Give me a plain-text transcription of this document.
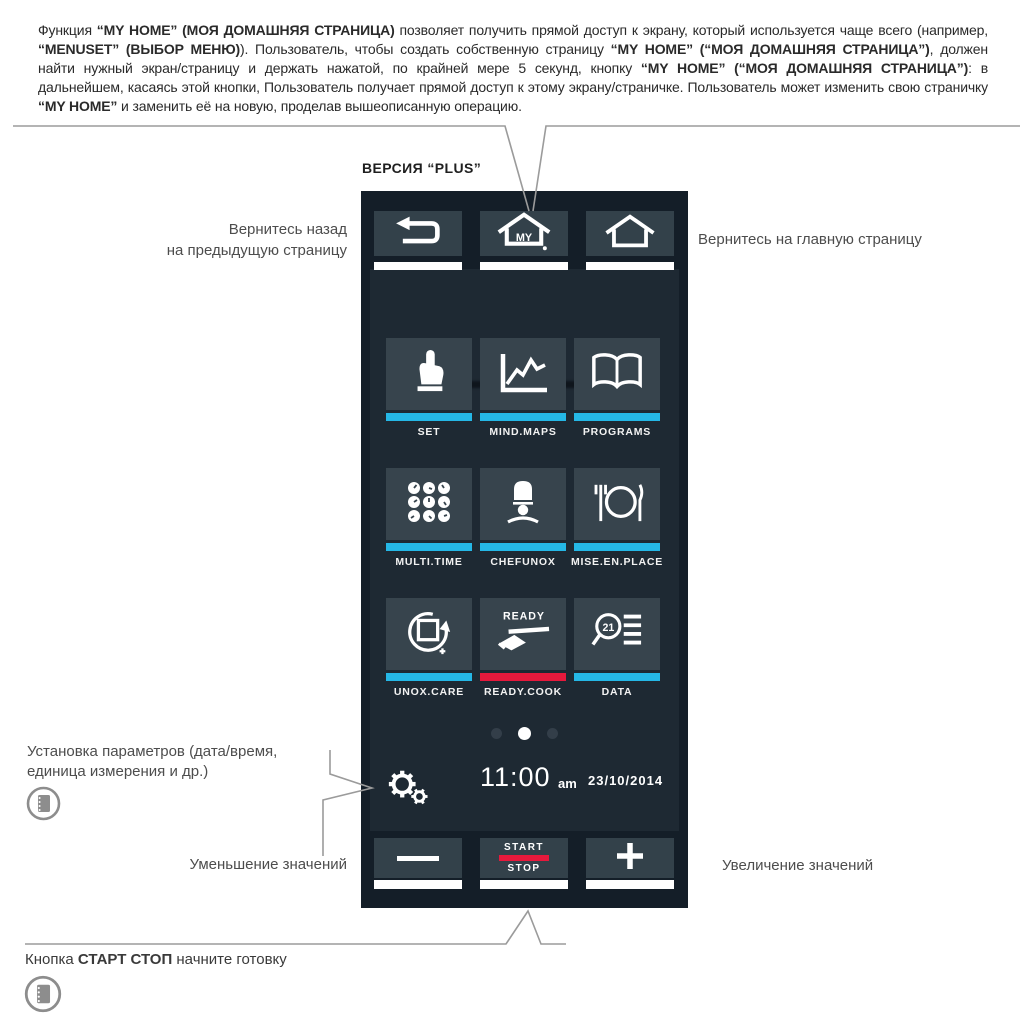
Функция “MY HOME” (МОЯ ДОМАШНЯЯ СТРАНИЦА) позволяет получить прямой доступ к экрану, который используется чаще всего (например, “MENUSET” (ВЫБОР МЕНЮ)). Пользователь, чтобы создать собственную страницу “MY HOME” (“МОЯ ДОМАШНЯЯ СТРАНИЦА”), должен найти нужный экран/страницу и держать нажатой, по крайней мере 5 секунд, кнопку “MY HOME” (“МОЯ ДОМАШНЯЯ СТРАНИЦА”): в дальнейшем, касаясь этой кнопки, Пользователь получает прямой доступ к этому экрану/страничке. Пользователь может изменить свою страничку “MY HOME” и заменить её на новую, проделав вышеописанную операцию.

ВЕРСИЯ “PLUS”
Вернитесь назад
на предыдущую страницу
Вернитесь на главную страницу
Установка параметров (дата/время,
единица измерения и др.)
Уменьшение значений	Увеличение значений
Кнопка СТАРТ СТОП начните готовку
MY
SET	MIND.MAPS	PROGRAMS
MULTI.TIME	CHEFUNOX	MISE.EN.PLACE
UNOX.CARE
READY
READY.COOK
21
DATA
11:00 am 23/10/2014
START
STOP
